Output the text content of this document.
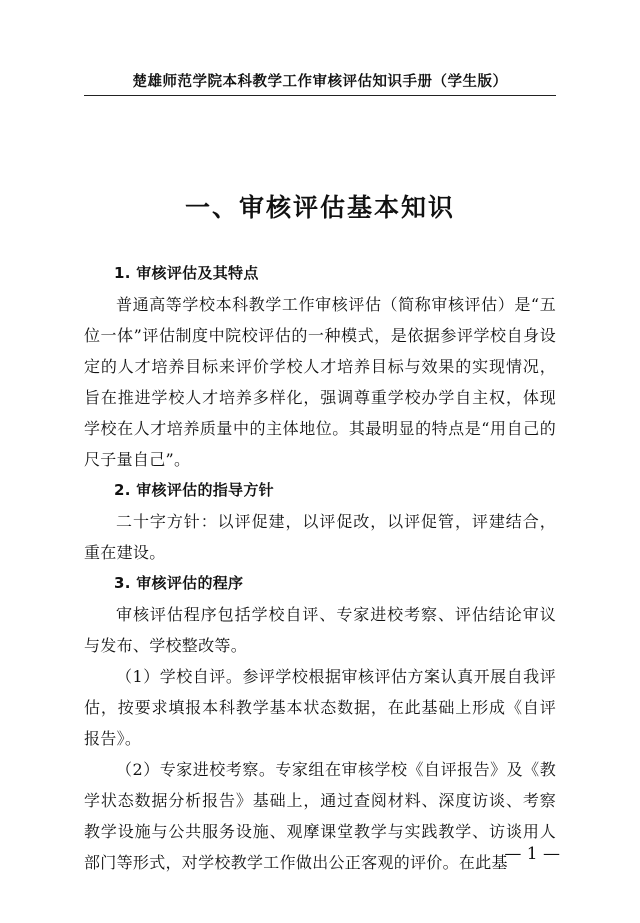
楚雄师范学院本科教学工作审核评估知识手册（学生版）
一、审核评估基本知识
1. 审核评估及其特点

普通高等学校本科教学工作审核评估（简称审核评估）是“五位一体”评估制度中院校评估的一种模式，是依据参评学校自身设定的人才培养目标来评价学校人才培养目标与效果的实现情况，旨在推进学校人才培养多样化，强调尊重学校办学自主权，体现学校在人才培养质量中的主体地位。其最明显的特点是“用自己的尺子量自己”。

2. 审核评估的指导方针

二十字方针：以评促建，以评促改，以评促管，评建结合，重在建设。

3. 审核评估的程序

审核评估程序包括学校自评、专家进校考察、评估结论审议与发布、学校整改等。

（1）学校自评。参评学校根据审核评估方案认真开展自我评估，按要求填报本科教学基本状态数据，在此基础上形成《自评报告》。

（2）专家进校考察。专家组在审核学校《自评报告》及《教学状态数据分析报告》基础上，通过查阅材料、深度访谈、考察教学设施与公共服务设施、观摩课堂教学与实践教学、访谈用人部门等形式，对学校教学工作做出公正客观的评价。在此基

— 1 —
